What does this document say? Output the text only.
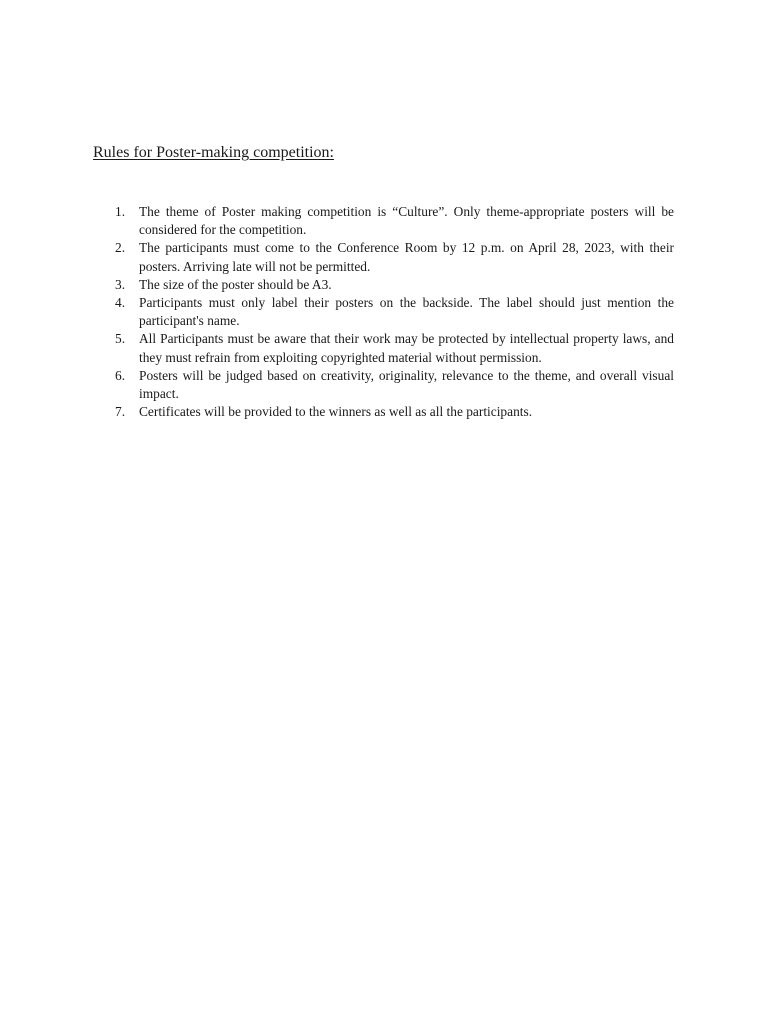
Rules for Poster-making competition:
1.	The theme of Poster making competition is “Culture”. Only theme-appropriate posters will be considered for the competition.
2.	The participants must come to the Conference Room by 12 p.m. on April 28, 2023, with their posters. Arriving late will not be permitted.
3.	The size of the poster should be A3.
4.	Participants must only label their posters on the backside. The label should just mention the participant's name.
5.	All Participants must be aware that their work may be protected by intellectual property laws, and they must refrain from exploiting copyrighted material without permission.
6.	Posters will be judged based on creativity, originality, relevance to the theme, and overall visual impact.
7.	Certificates will be provided to the winners as well as all the participants.
